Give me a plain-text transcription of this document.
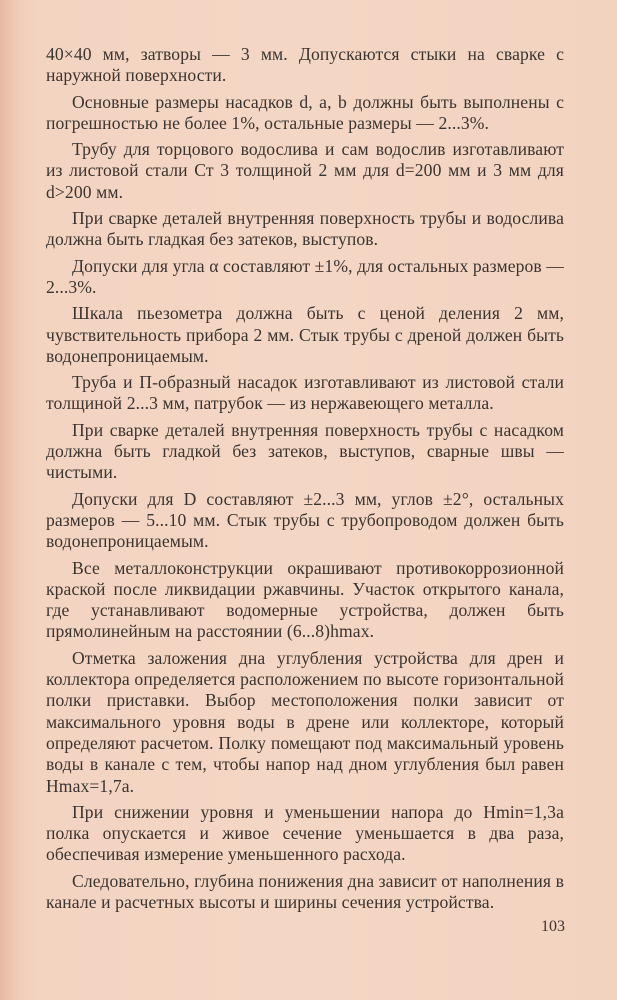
40×40 мм, затворы — 3 мм. Допускаются стыки на сварке с наружной поверхности.

Основные размеры насадков d, a, b должны быть выполнены с погрешностью не более 1%, остальные размеры — 2...3%.

Трубу для торцового водослива и сам водослив изготавливают из листовой стали Ст 3 толщиной 2 мм для d=200 мм и 3 мм для d>200 мм.

При сварке деталей внутренняя поверхность трубы и водослива должна быть гладкая без затеков, выступов.

Допуски для угла α составляют ±1%, для остальных размеров — 2...3%.

Шкала пьезометра должна быть с ценой деления 2 мм, чувствительность прибора 2 мм. Стык трубы с дреной должен быть водонепроницаемым.

Труба и П-образный насадок изготавливают из листовой стали толщиной 2...3 мм, патрубок — из нержавеющего металла.

При сварке деталей внутренняя поверхность трубы с насадком должна быть гладкой без затеков, выступов, сварные швы — чистыми.

Допуски для D составляют ±2...3 мм, углов ±2°, остальных размеров — 5...10 мм. Стык трубы с трубопроводом должен быть водонепроницаемым.

Все металлоконструкции окрашивают противокоррозионной краской после ликвидации ржавчины. Участок открытого канала, где устанавливают водомерные устройства, должен быть прямолинейным на расстоянии (6...8)hmax.

Отметка заложения дна углубления устройства для дрен и коллектора определяется расположением по высоте горизонтальной полки приставки. Выбор местоположения полки зависит от максимального уровня воды в дрене или коллекторе, который определяют расчетом. Полку помещают под максимальный уровень воды в канале с тем, чтобы напор над дном углубления был равен Hmax=1,7a.

При снижении уровня и уменьшении напора до Hmin=1,3a полка опускается и живое сечение уменьшается в два раза, обеспечивая измерение уменьшенного расхода.

Следовательно, глубина понижения дна зависит от наполнения в канале и расчетных высоты и ширины сечения устройства.

103
